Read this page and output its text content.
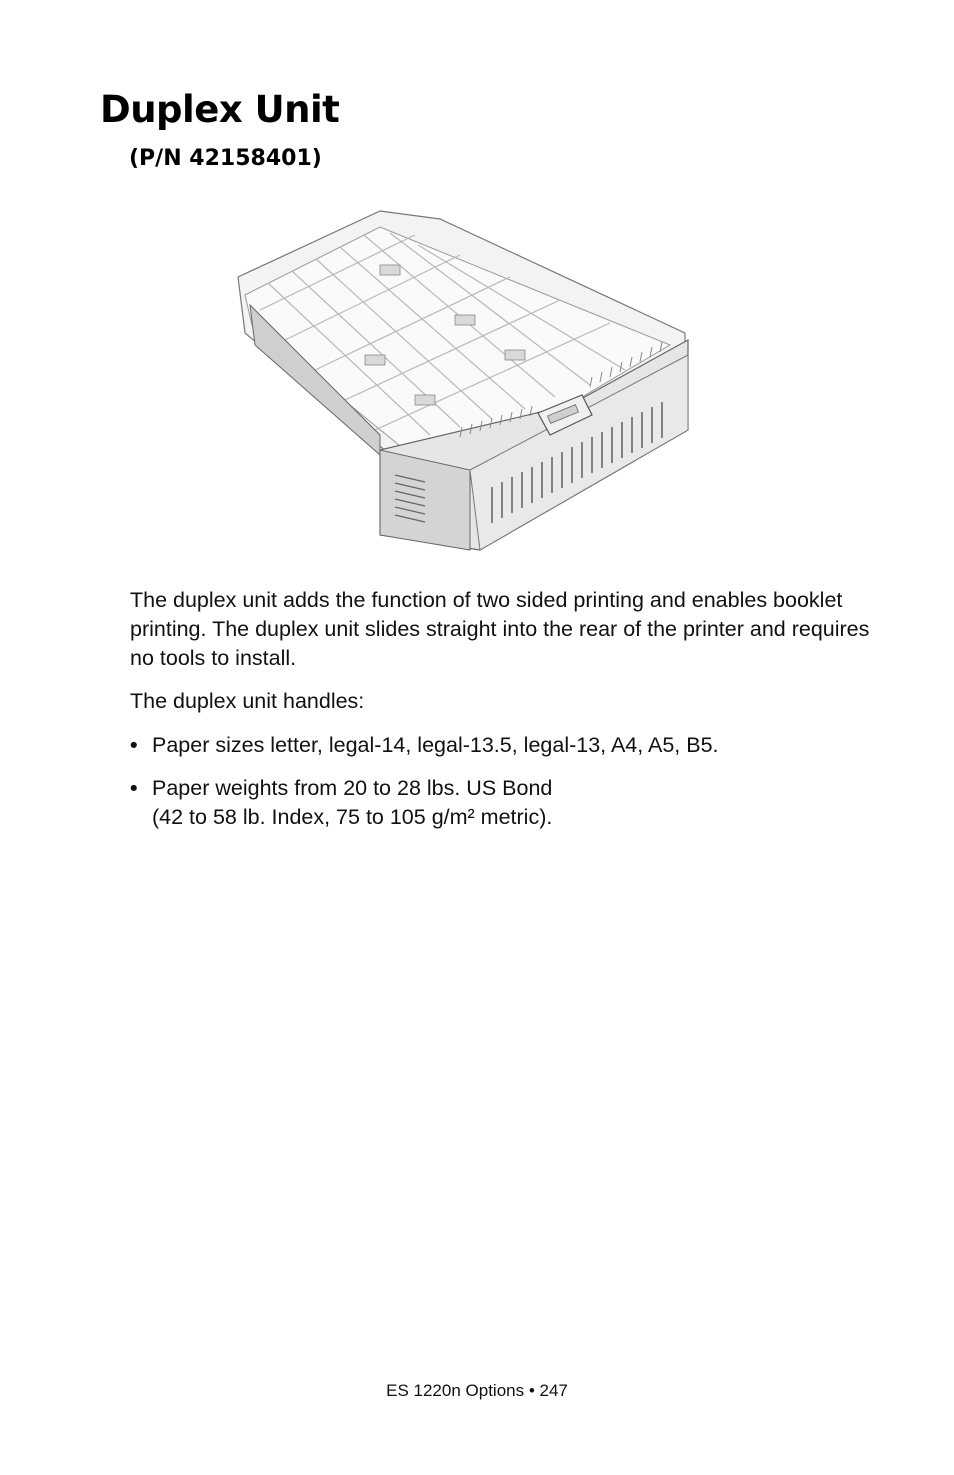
Duplex Unit
(P/N 42158401)

The duplex unit adds the function of two sided printing and enables booklet printing. The duplex unit slides straight into the rear of the printer and requires no tools to install.

The duplex unit handles:

• Paper sizes letter, legal-14, legal-13.5, legal-13, A4, A5, B5.
• Paper weights from 20 to 28 lbs. US Bond
(42 to 58 lb. Index, 75 to 105 g/m² metric).
ES 1220n Options • 247
